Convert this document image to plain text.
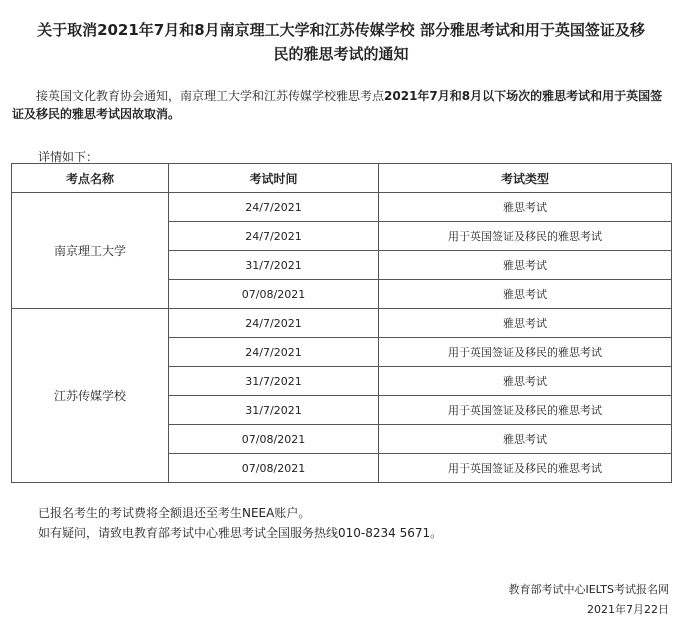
关于取消2021年7月和8月南京理工大学和江苏传媒学校 部分雅思考试和用于英国签证及移
民的雅思考试的通知
接英国文化教育协会通知，南京理工大学和江苏传媒学校雅思考点2021年7月和8月以下场次的雅思考试和用于英国签证及移民的雅思考试因故取消。
详情如下：
考点名称	考试时间	考试类型
南京理工大学	24/7/2021	雅思考试
	24/7/2021	用于英国签证及移民的雅思考试
	31/7/2021	雅思考试
	07/08/2021	雅思考试
江苏传媒学校	24/7/2021	雅思考试
	24/7/2021	用于英国签证及移民的雅思考试
	31/7/2021	雅思考试
	31/7/2021	用于英国签证及移民的雅思考试
	07/08/2021	雅思考试
	07/08/2021	用于英国签证及移民的雅思考试
已报名考生的考试费将全额退还至考生NEEA账户。
如有疑问，请致电教育部考试中心雅思考试全国服务热线010-8234 5671。
教育部考试中心IELTS考试报名网
2021年7月22日
